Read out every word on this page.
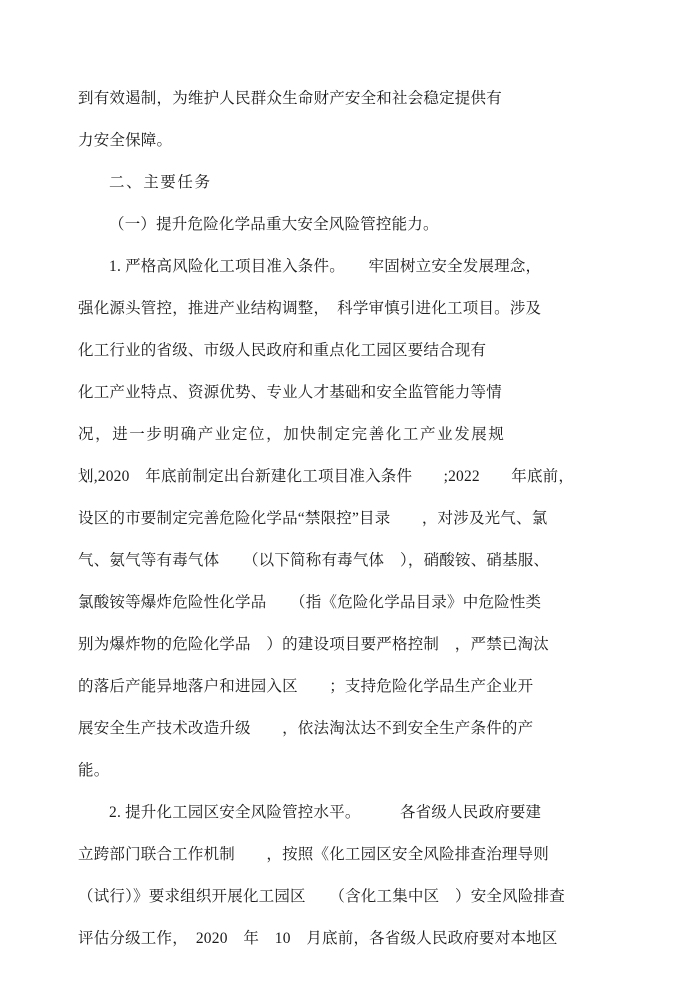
到有效遏制，为维护人民群众生命财产安全和社会稳定提供有

力安全保障。

二、主要任务

（一）提升危险化学品重大安全风险管控能力。

1. 严格高风险化工项目准入条件。　　牢固树立安全发展理念，

强化源头管控，推进产业结构调整，　科学审慎引进化工项目。涉及

化工行业的省级、市级人民政府和重点化工园区要结合现有

化工产业特点、资源优势、专业人才基础和安全监管能力等情

况，进一步明确产业定位，加快制定完善化工产业发展规

划,2020　年底前制定出台新建化工项目准入条件　　;2022　　年底前，

设区的市要制定完善危险化学品“禁限控”目录　　，对涉及光气、氯

气、氨气等有毒气体　　（以下简称有毒气体　），硝酸铵、硝基服、

氯酸铵等爆炸危险性化学品　　（指《危险化学品目录》中危险性类

别为爆炸物的危险化学品　）的建设项目要严格控制　，严禁已淘汰

的落后产能异地落户和进园入区　　；支持危险化学品生产企业开

展安全生产技术改造升级　　，依法淘汰达不到安全生产条件的产

能。

2. 提升化工园区安全风险管控水平。　　　各省级人民政府要建

立跨部门联合工作机制　　，按照《化工园区安全风险排查治理导则

（试行）》要求组织开展化工园区　　（含化工集中区　）安全风险排查

评估分级工作，　2020　年　10　月底前，各省级人民政府要对本地区
